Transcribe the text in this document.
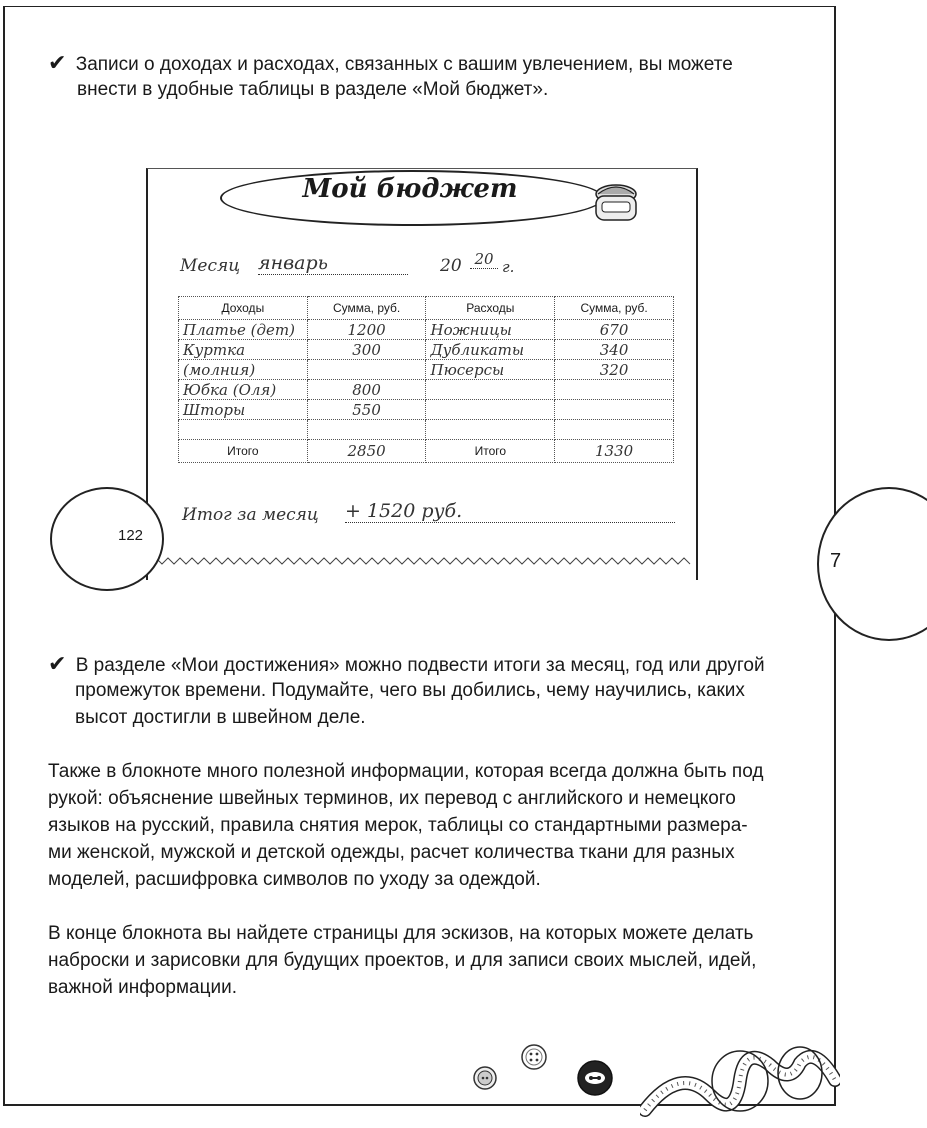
7

✔ Записи о доходах и расходах, связанных с вашим увлечением, вы можете

внести в удобные таблицы в разделе «Мой бюджет».

Мой бюджет
Месяц январь	20 20 г.
Доходы	Сумма, руб.	Расходы	Сумма, руб.
Платье (дет)	1200	Ножницы	670
Куртка	300	Дубликаты	340
(молния)		Пюсерсы	320
Юбка (Оля)	800		
Шторы	550		

Итого	2850	Итого	1330
Итог за месяц + 1520 руб.
122

✔ В разделе «Мои достижения» можно подвести итоги за месяц, год или другой

промежуток времени. Подумайте, чего вы добились, чему научились, каких

высот достигли в швейном деле.

Также в блокноте много полезной информации, которая всегда должна быть под

рукой: объяснение швейных терминов, их перевод с английского и немецкого

языков на русский, правила снятия мерок, таблицы со стандартными размера-

ми женской, мужской и детской одежды, расчет количества ткани для разных

моделей, расшифровка символов по уходу за одеждой.

В конце блокнота вы найдете страницы для эскизов, на которых можете делать

наброски и зарисовки для будущих проектов, и для записи своих мыслей, идей,

важной информации.
